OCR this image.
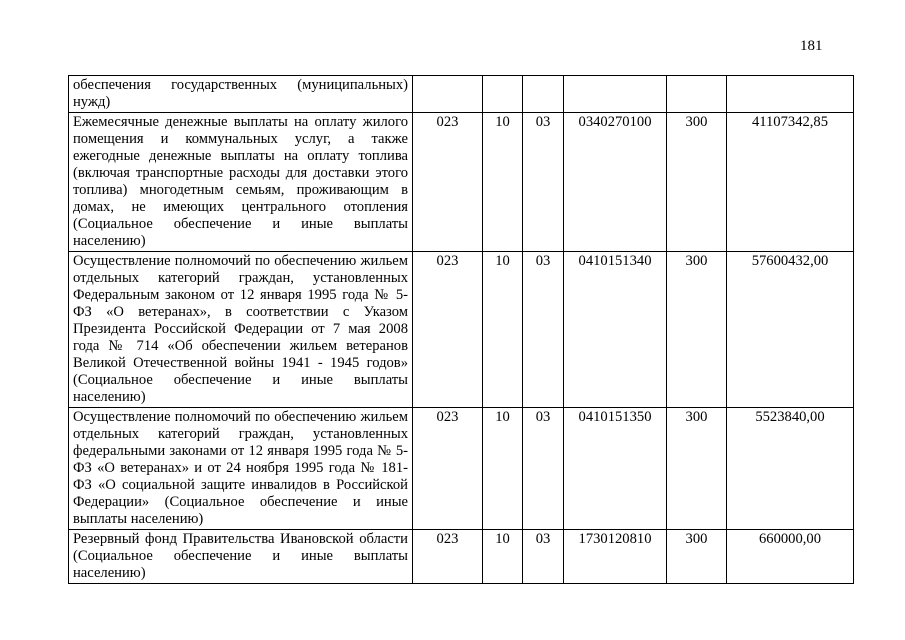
181
обеспечения государственных (муниципальных) нужд)						
Ежемесячные денежные выплаты на оплату жилого помещения и коммунальных услуг, а также ежегодные денежные выплаты на оплату топлива (включая транспортные расходы для доставки этого топлива) многодетным семьям, проживающим в домах, не имеющих центрального отопления (Социальное обеспечение и иные выплаты населению)	023	10	03	0340270100	300	41107342,85
Осуществление полномочий по обеспечению жильем отдельных категорий граждан, установленных Федеральным законом от 12 января 1995 года № 5-ФЗ «О ветеранах», в соответствии с Указом Президента Российской Федерации от 7 мая 2008 года № 714 «Об обеспечении жильем ветеранов Великой Отечественной войны 1941 - 1945 годов» (Социальное обеспечение и иные выплаты населению)	023	10	03	0410151340	300	57600432,00
Осуществление полномочий по обеспечению жильем отдельных категорий граждан, установленных федеральными законами от 12 января 1995 года № 5-ФЗ «О ветеранах» и от 24 ноября 1995 года № 181-ФЗ «О социальной защите инвалидов в Российской Федерации» (Социальное обеспечение и иные выплаты населению)	023	10	03	0410151350	300	5523840,00
Резервный фонд Правительства Ивановской области (Социальное обеспечение и иные выплаты населению)	023	10	03	1730120810	300	660000,00
